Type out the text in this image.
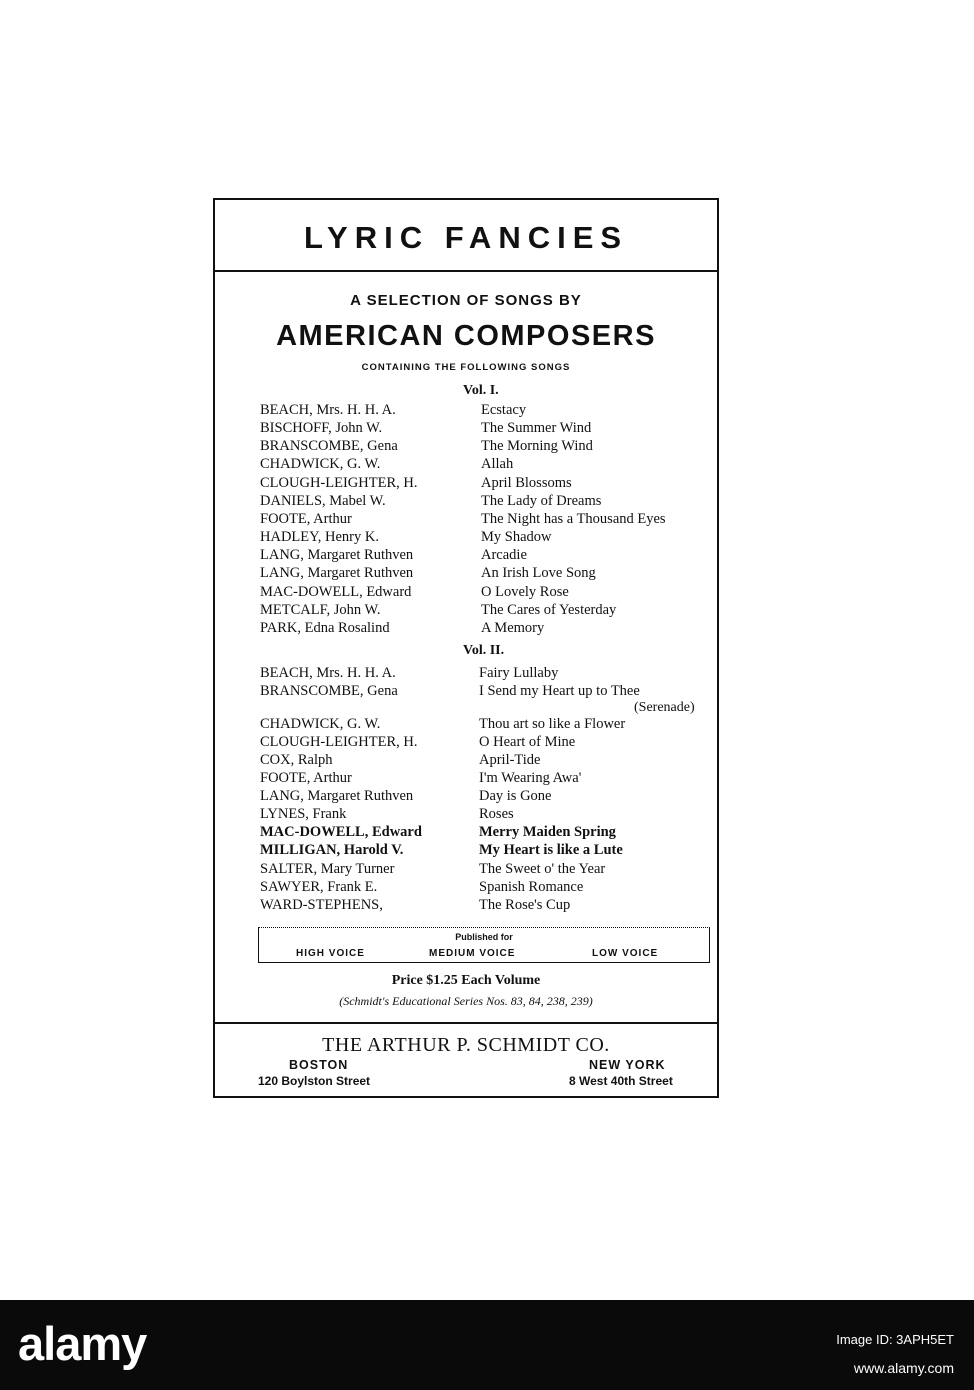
LYRIC FANCIES
A SELECTION OF SONGS BY
AMERICAN COMPOSERS
CONTAINING THE FOLLOWING SONGS
Vol. I.
BEACH, Mrs. H. H. A.	Ecstacy
BISCHOFF, John W.	The Summer Wind
BRANSCOMBE, Gena	The Morning Wind
CHADWICK, G. W.	Allah
CLOUGH-LEIGHTER, H.	April Blossoms
DANIELS, Mabel W.	The Lady of Dreams
FOOTE, Arthur	The Night has a Thousand Eyes
HADLEY, Henry K.	My Shadow
LANG, Margaret Ruthven	Arcadie
LANG, Margaret Ruthven	An Irish Love Song
MAC-DOWELL, Edward	O Lovely Rose
METCALF, John W.	The Cares of Yesterday
PARK, Edna Rosalind	A Memory
Vol. II.
BEACH, Mrs. H. H. A.	Fairy Lullaby
BRANSCOMBE, Gena	I Send my Heart up to Thee
CHADWICK, G. W.	Thou art so like a Flower
CLOUGH-LEIGHTER, H.	O Heart of Mine
COX, Ralph	April-Tide
FOOTE, Arthur	I'm Wearing Awa'
LANG, Margaret Ruthven	Day is Gone
LYNES, Frank	Roses
MAC-DOWELL, Edward	Merry Maiden Spring
MILLIGAN, Harold V.	My Heart is like a Lute
SALTER, Mary Turner	The Sweet o' the Year
SAWYER, Frank E.	Spanish Romance
WARD-STEPHENS,	The Rose's Cup
(Serenade)
Published for
HIGH VOICE	MEDIUM VOICE	LOW VOICE
Price $1.25 Each Volume
(Schmidt's Educational Series Nos. 83, 84, 238, 239)
THE ARTHUR P. SCHMIDT CO.
BOSTON
120 Boylston Street
NEW YORK
8 West 40th Street
alamy	Image ID: 3APH5ET
www.alamy.com
